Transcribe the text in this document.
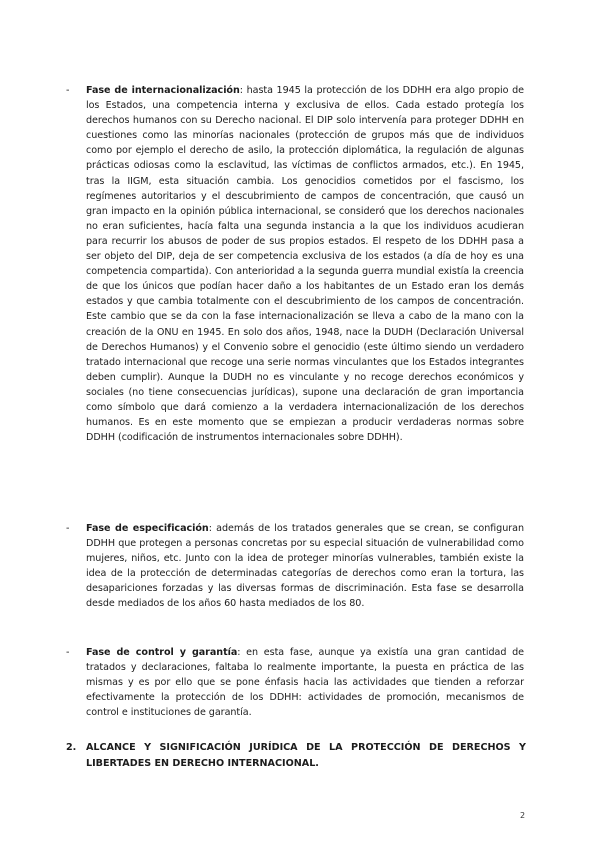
- Fase de internacionalización: hasta 1945 la protección de los DDHH era algo propio de los Estados, una competencia interna y exclusiva de ellos. Cada estado protegía los derechos humanos con su Derecho nacional. El DIP solo intervenía para proteger DDHH en cuestiones como las minorías nacionales (protección de grupos más que de individuos como por ejemplo el derecho de asilo, la protección diplomática, la regulación de algunas prácticas odiosas como la esclavitud, las víctimas de conflictos armados, etc.). En 1945, tras la IIGM, esta situación cambia. Los genocidios cometidos por el fascismo, los regímenes autoritarios y el descubrimiento de campos de concentración, que causó un gran impacto en la opinión pública internacional, se consideró que los derechos nacionales no eran suficientes, hacía falta una segunda instancia a la que los individuos acudieran para recurrir los abusos de poder de sus propios estados. El respeto de los DDHH pasa a ser objeto del DIP, deja de ser competencia exclusiva de los estados (a día de hoy es una competencia compartida). Con anterioridad a la segunda guerra mundial existía la creencia de que los únicos que podían hacer daño a los habitantes de un Estado eran los demás estados y que cambia totalmente con el descubrimiento de los campos de concentración. Este cambio que se da con la fase internacionalización se lleva a cabo de la mano con la creación de la ONU en 1945. En solo dos años, 1948, nace la DUDH (Declaración Universal de Derechos Humanos) y el Convenio sobre el genocidio (este último siendo un verdadero tratado internacional que recoge una serie normas vinculantes que los Estados integrantes deben cumplir). Aunque la DUDH no es vinculante y no recoge derechos económicos y sociales (no tiene consecuencias jurídicas), supone una declaración de gran importancia como símbolo que dará comienzo a la verdadera internacionalización de los derechos humanos. Es en este momento que se empiezan a producir verdaderas normas sobre DDHH (codificación de instrumentos internacionales sobre DDHH).
- Fase de especificación: además de los tratados generales que se crean, se configuran DDHH que protegen a personas concretas por su especial situación de vulnerabilidad como mujeres, niños, etc. Junto con la idea de proteger minorías vulnerables, también existe la idea de la protección de determinadas categorías de derechos como eran la tortura, las desapariciones forzadas y las diversas formas de discriminación. Esta fase se desarrolla desde mediados de los años 60 hasta mediados de los 80.
- Fase de control y garantía: en esta fase, aunque ya existía una gran cantidad de tratados y declaraciones, faltaba lo realmente importante, la puesta en práctica de las mismas y es por ello que se pone énfasis hacia las actividades que tienden a reforzar efectivamente la protección de los DDHH: actividades de promoción, mecanismos de control e instituciones de garantía.
2. ALCANCE Y SIGNIFICACIÓN JURÍDICA DE LA PROTECCIÓN DE DERECHOS Y LIBERTADES EN DERECHO INTERNACIONAL.
2
